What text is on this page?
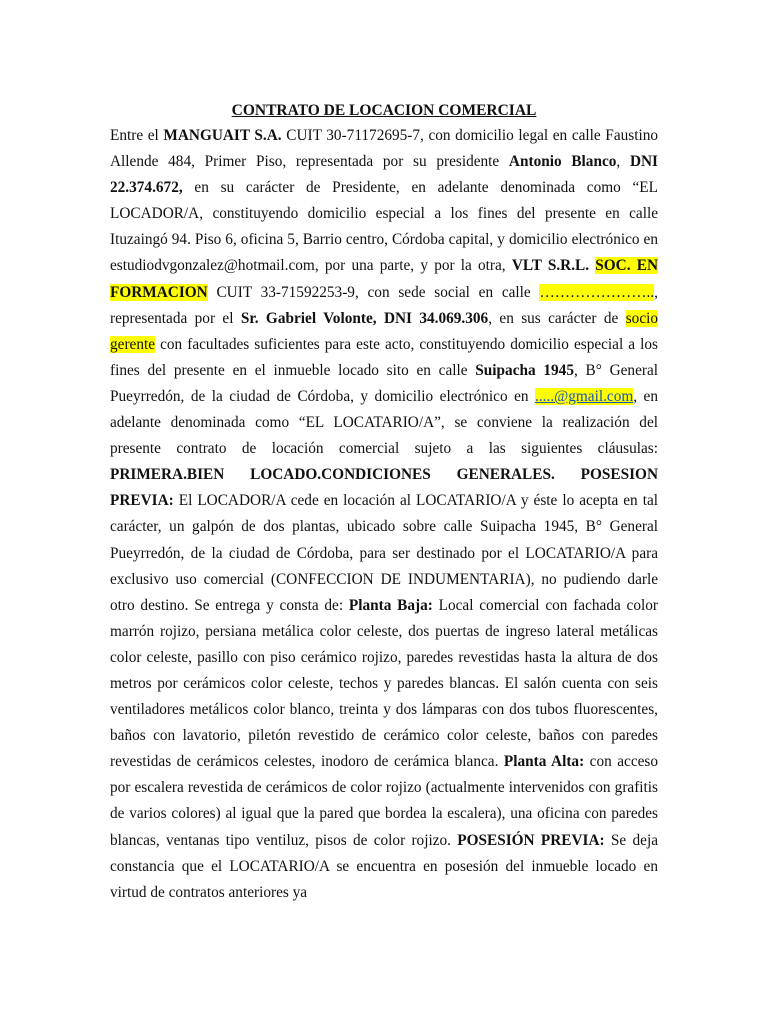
CONTRATO DE LOCACION COMERCIAL

Entre el MANGUAIT S.A. CUIT 30-71172695-7, con domicilio legal en calle Faustino Allende 484, Primer Piso, representada por su presidente Antonio Blanco, DNI 22.374.672, en su carácter de Presidente, en adelante denominada como “EL LOCADOR/A, constituyendo domicilio especial a los fines del presente en calle Ituzaingó 94. Piso 6, oficina 5, Barrio centro, Córdoba capital, y domicilio electrónico en estudiodvgonzalez@hotmail.com, por una parte, y por la otra, VLT S.R.L. SOC. EN FORMACION CUIT 33-71592253-9, con sede social en calle ………………….., representada por el Sr. Gabriel Volonte, DNI 34.069.306, en sus carácter de socio gerente con facultades suficientes para este acto, constituyendo domicilio especial a los fines del presente en el inmueble locado sito en calle Suipacha 1945, B° General Pueyrredón, de la ciudad de Córdoba, y domicilio electrónico en .....@gmail.com, en adelante denominada como “EL LOCATARIO/A”, se conviene la realización del presente contrato de locación comercial sujeto a las siguientes cláusulas: PRIMERA.BIEN LOCADO.CONDICIONES GENERALES. POSESION PREVIA: El LOCADOR/A cede en locación al LOCATARIO/A y éste lo acepta en tal carácter, un galpón de dos plantas, ubicado sobre calle Suipacha 1945, B° General Pueyrredón, de la ciudad de Córdoba, para ser destinado por el LOCATARIO/A para exclusivo uso comercial (CONFECCION DE INDUMENTARIA), no pudiendo darle otro destino. Se entrega y consta de: Planta Baja: Local comercial con fachada color marrón rojizo, persiana metálica color celeste, dos puertas de ingreso lateral metálicas color celeste, pasillo con piso cerámico rojizo, paredes revestidas hasta la altura de dos metros por cerámicos color celeste, techos y paredes blancas. El salón cuenta con seis ventiladores metálicos color blanco, treinta y dos lámparas con dos tubos fluorescentes, baños con lavatorio, piletón revestido de cerámico color celeste, baños con paredes revestidas de cerámicos celestes, inodoro de cerámica blanca. Planta Alta: con acceso por escalera revestida de cerámicos de color rojizo (actualmente intervenidos con grafitis de varios colores) al igual que la pared que bordea la escalera), una oficina con paredes blancas, ventanas tipo ventiluz, pisos de color rojizo. POSESIÓN PREVIA: Se deja constancia que el LOCATARIO/A se encuentra en posesión del inmueble locado en virtud de contratos anteriores ya
